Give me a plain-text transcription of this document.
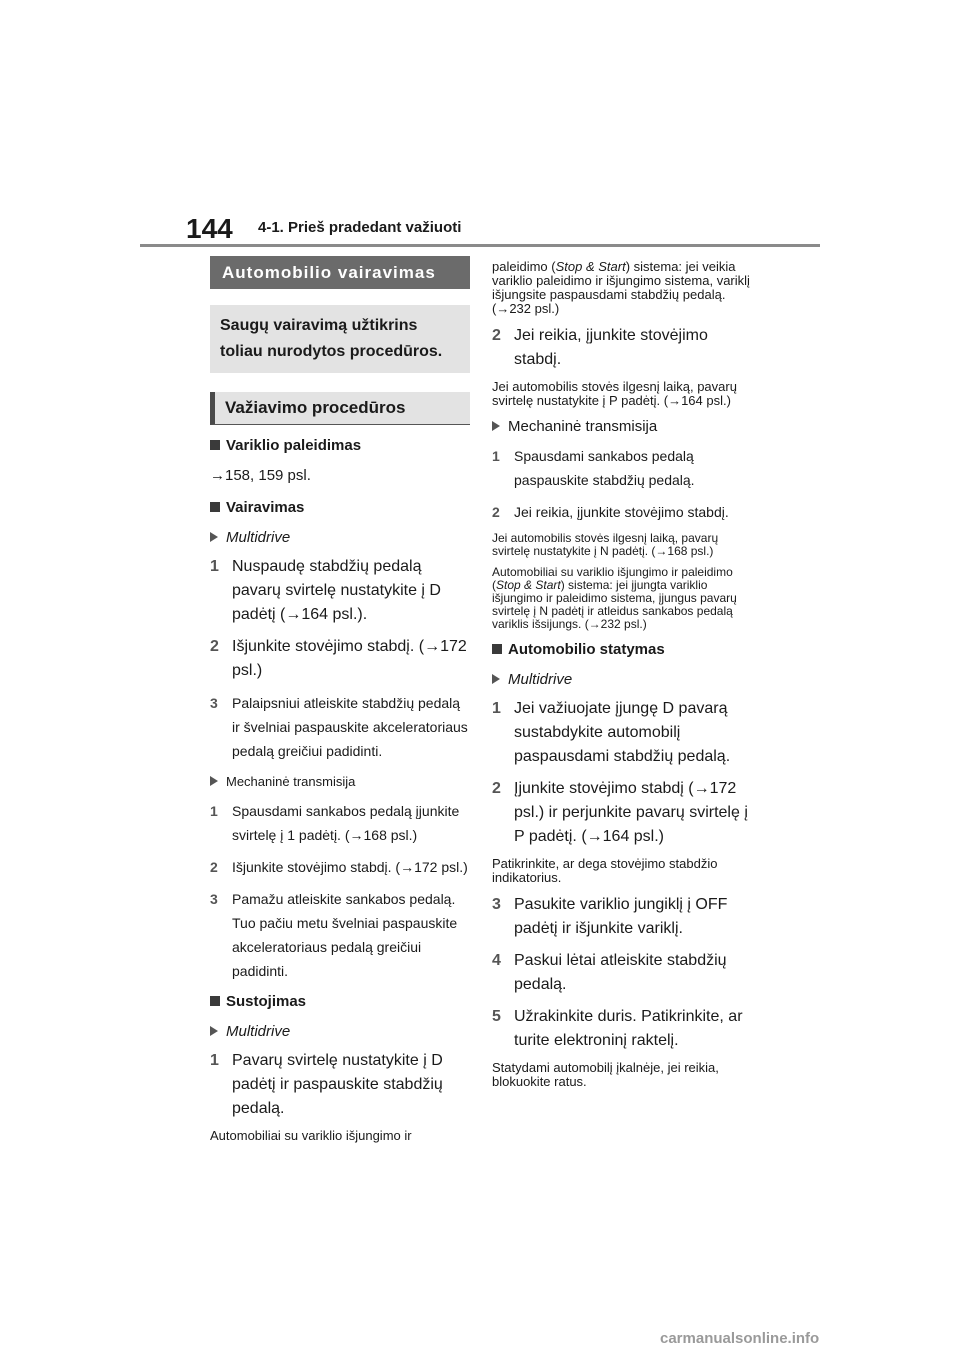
144 4-1. Prieš pradedant važiuoti
Automobilio vairavimas
Saugų vairavimą užtikrins toliau nurodytos procedūros.
Važiavimo procedūros
Variklio paleidimas
→158, 159 psl.
Vairavimas
Multidrive
1 Nuspaudę stabdžių pedalą pavarų svirtelę nustatykite į D padėtį (→164 psl.).
2 Išjunkite stovėjimo stabdį. (→172 psl.)
3 Palaipsniui atleiskite stabdžių pedalą ir švelniai paspauskite akceleratoriaus pedalą greičiui padidinti.
Mechaninė transmisija
1 Spausdami sankabos pedalą įjunkite svirtelę į 1 padėtį. (→168 psl.)
2 Išjunkite stovėjimo stabdį. (→172 psl.)
3 Pamažu atleiskite sankabos pedalą. Tuo pačiu metu švelniai paspauskite akceleratoriaus pedalą greičiui padidinti.
Sustojimas
Multidrive
1 Pavarų svirtelę nustatykite į D padėtį ir paspauskite stabdžių pedalą.
Automobiliai su variklio išjungimo ir
paleidimo (Stop & Start) sistema: jei veikia variklio paleidimo ir išjungimo sistema, variklį išjungsite paspausdami stabdžių pedalą. (→232 psl.)
2 Jei reikia, įjunkite stovėjimo stabdį.
Jei automobilis stovės ilgesnį laiką, pavarų svirtelę nustatykite į P padėtį. (→164 psl.)
Mechaninė transmisija
1 Spausdami sankabos pedalą paspauskite stabdžių pedalą.
2 Jei reikia, įjunkite stovėjimo stabdį.
Jei automobilis stovės ilgesnį laiką, pavarų svirtelę nustatykite į N padėtį. (→168 psl.)
Automobiliai su variklio išjungimo ir paleidimo (Stop & Start) sistema: jei įjungta variklio išjungimo ir paleidimo sistema, įjungus pavarų svirtelę į N padėtį ir atleidus sankabos pedalą variklis išsijungs. (→232 psl.)
Automobilio statymas
Multidrive
1 Jei važiuojate įjungę D pavarą sustabdykite automobilį paspausdami stabdžių pedalą.
2 Įjunkite stovėjimo stabdį (→172 psl.) ir perjunkite pavarų svirtelę į P padėtį. (→164 psl.)
Patikrinkite, ar dega stovėjimo stabdžio indikatorius.
3 Pasukite variklio jungiklį į OFF padėtį ir išjunkite variklį.
4 Paskui lėtai atleiskite stabdžių pedalą.
5 Užrakinkite duris. Patikrinkite, ar turite elektroninį raktelį.
Statydami automobilį įkalnėje, jei reikia, blokuokite ratus.
carmanualsonline.info
